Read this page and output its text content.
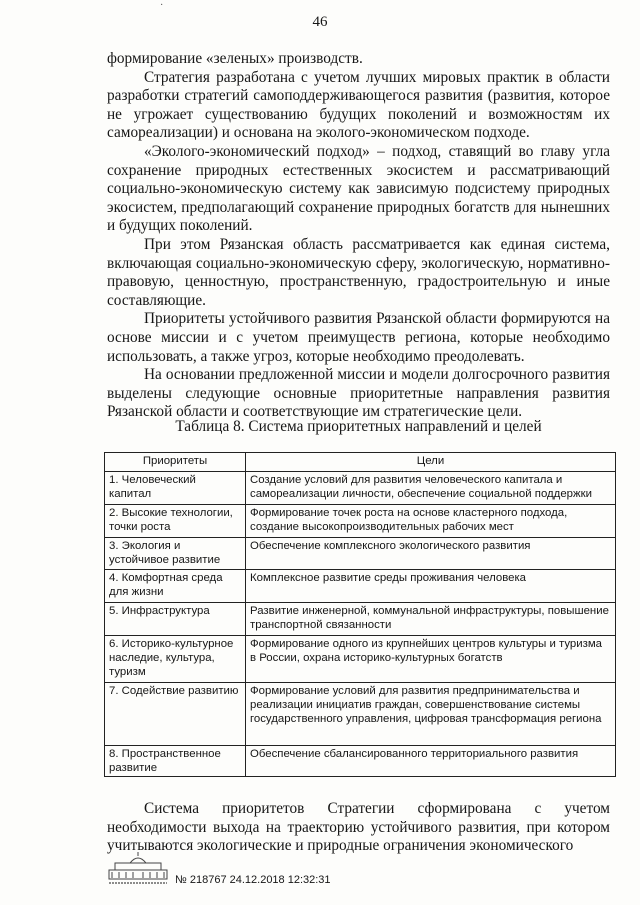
·
46

формирование «зеленых» производств.

Стратегия разработана с учетом лучших мировых практик в области разработки стратегий самоподдерживающегося развития (развития, которое не угрожает существованию будущих поколений и возможностям их самореализации) и основана на эколого-экономическом подходе.

«Эколого-экономический подход» – подход, ставящий во главу угла сохранение природных естественных экосистем и рассматривающий социально-экономическую систему как зависимую подсистему природных экосистем, предполагающий сохранение природных богатств для нынешних и будущих поколений.

При этом Рязанская область рассматривается как единая система, включающая социально-экономическую сферу, экологическую, нормативно-правовую, ценностную, пространственную, градостроительную и иные составляющие.

Приоритеты устойчивого развития Рязанской области формируются на основе миссии и с учетом преимуществ региона, которые необходимо использовать, а также угроз, которые необходимо преодолевать.

На основании предложенной миссии и модели долгосрочного развития выделены следующие основные приоритетные направления развития Рязанской области и соответствующие им стратегические цели.

Таблица 8. Система приоритетных направлений и целей
Приоритеты	Цели
1. Человеческий капитал	Создание условий для развития человеческого капитала и самореализации личности, обеспечение социальной поддержки
2. Высокие технологии, точки роста	Формирование точек роста на основе кластерного подхода, создание высокопроизводительных рабочих мест
3. Экология и устойчивое развитие	Обеспечение комплексного экологического развития
4. Комфортная среда для жизни	Комплексное развитие среды проживания человека
5. Инфраструктура	Развитие инженерной, коммунальной инфраструктуры, повышение транспортной связанности
6. Историко-культурное наследие, культура, туризм	Формирование одного из крупнейших центров культуры и туризма в России, охрана историко-культурных богатств
7. Содействие развитию	Формирование условий для развития предпринимательства и реализации инициатив граждан, совершенствование системы государственного управления, цифровая трансформация региона
8. Пространственное развитие	Обеспечение сбалансированного территориального развития

Система приоритетов Стратегии сформирована с учетом необходимости выхода на траекторию устойчивого развития, при котором учитываются экологические и природные ограничения экономического

№ 218767 24.12.2018 12:32:31
